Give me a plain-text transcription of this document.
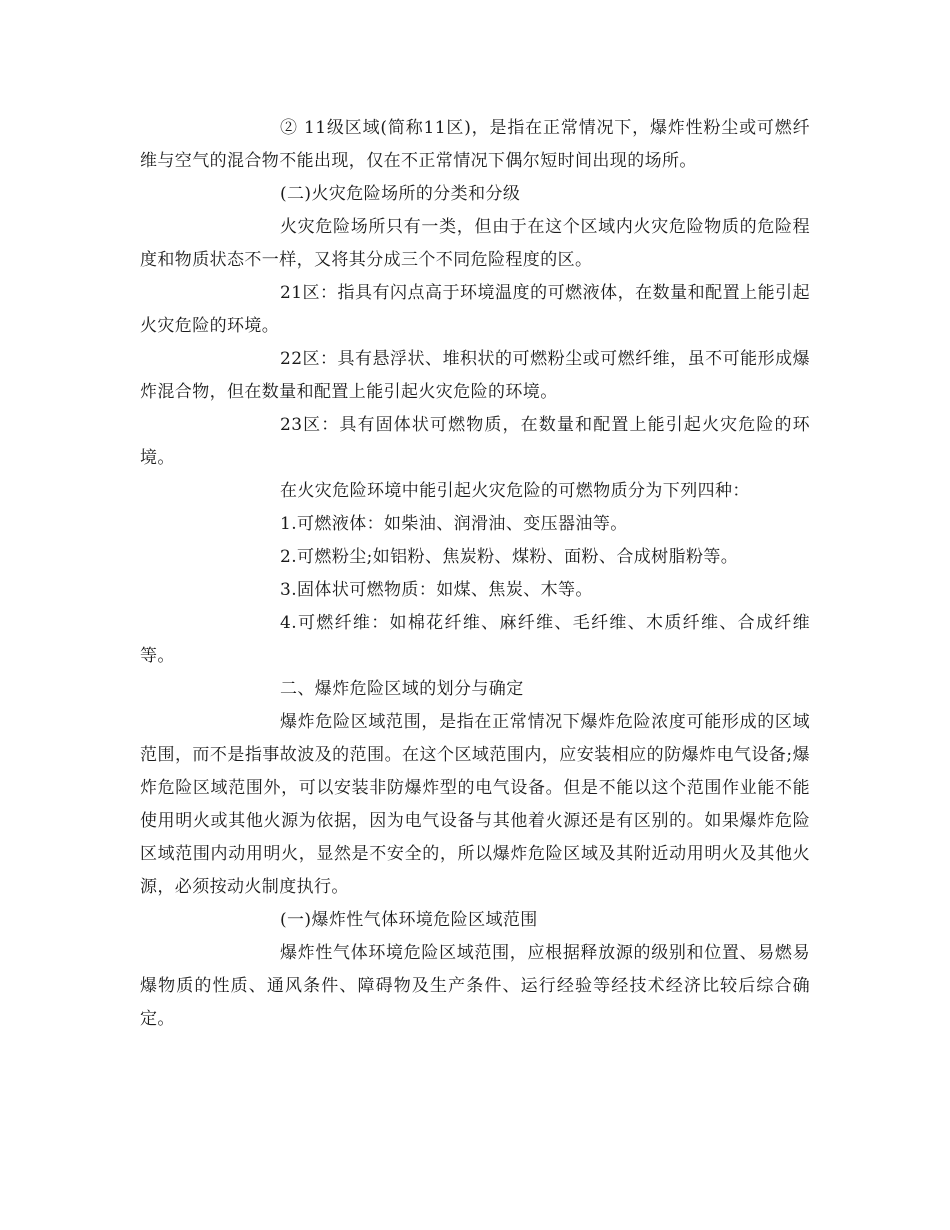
② 11级区域(简称11区)，是指在正常情况下，爆炸性粉尘或可燃纤维与空气的混合物不能出现，仅在不正常情况下偶尔短时间出现的场所。

(二)火灾危险场所的分类和分级

火灾危险场所只有一类，但由于在这个区域内火灾危险物质的危险程度和物质状态不一样，又将其分成三个不同危险程度的区。

21区：指具有闪点高于环境温度的可燃液体，在数量和配置上能引起火灾危险的环境。

22区：具有悬浮状、堆积状的可燃粉尘或可燃纤维，虽不可能形成爆炸混合物，但在数量和配置上能引起火灾危险的环境。

23区：具有固体状可燃物质，在数量和配置上能引起火灾危险的环境。

在火灾危险环境中能引起火灾危险的可燃物质分为下列四种：

1.可燃液体：如柴油、润滑油、变压器油等。

2.可燃粉尘;如铝粉、焦炭粉、煤粉、面粉、合成树脂粉等。

3.固体状可燃物质：如煤、焦炭、木等。

4.可燃纤维：如棉花纤维、麻纤维、毛纤维、木质纤维、合成纤维等。

二、爆炸危险区域的划分与确定

爆炸危险区域范围，是指在正常情况下爆炸危险浓度可能形成的区域范围，而不是指事故波及的范围。在这个区域范围内，应安装相应的防爆炸电气设备;爆炸危险区域范围外，可以安装非防爆炸型的电气设备。但是不能以这个范围作业能不能使用明火或其他火源为依据，因为电气设备与其他着火源还是有区别的。如果爆炸危险区域范围内动用明火，显然是不安全的，所以爆炸危险区域及其附近动用明火及其他火源，必须按动火制度执行。

(一)爆炸性气体环境危险区域范围

爆炸性气体环境危险区域范围，应根据释放源的级别和位置、易燃易爆物质的性质、通风条件、障碍物及生产条件、运行经验等经技术经济比较后综合确定。
